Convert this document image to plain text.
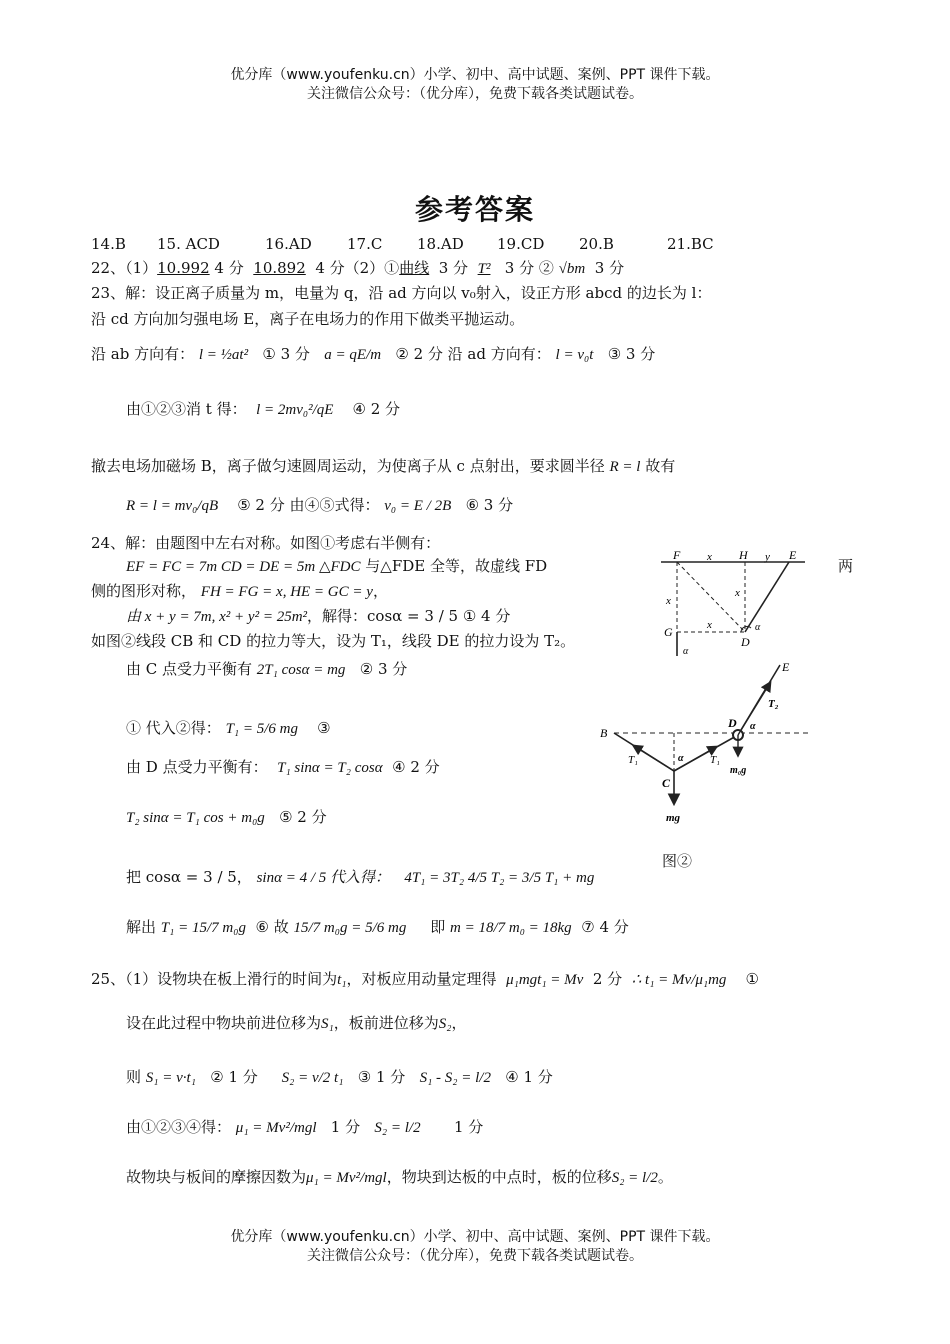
优分库（www.youfenku.cn）小学、初中、高中试题、案例、PPT 课件下载。
关注微信公众号：（优分库），免费下载各类试题试卷。
参考答案
14.B 15. ACD	16.AD 17.C 18.AD 19.CD 20.B	21.BC
22、（1）10.992 4 分 10.892 4 分（2）①曲线 3 分 T² 3 分 ② √bm 3 分
23、解：设正离子质量为 m，电量为 q，沿 ad 方向以 v₀射入，设正方形 abcd 的边长为 l：
沿 cd 方向加匀强电场 E，离子在电场力的作用下做类平抛运动。
沿 ab 方向有： l = ½at² ① 3 分 a = qE/m ② 2 分 沿 ad 方向有： l = v₀t ③ 3 分
由①②③消 t 得： l = 2mv₀²/qE ④ 2 分
撤去电场加磁场 B，离子做匀速圆周运动，为使离子从 c 点射出，要求圆半径 R = l 故有
R = l = mv₀/qB ⑤ 2 分 由④⑤式得： v₀ = E / 2B ⑥ 3 分
24、解：由题图中左右对称。如图①考虑右半侧有：
EF = FC = 7m CD = DE = 5m △FDC 与△FDE 全等，故虚线 FD	两
侧的图形对称， FH = FG = x, HE = GC = y，
由 x + y = 7m, x² + y² = 25m²，解得：cosα = 3 / 5 ① 4 分
如图②线段 CB 和 CD 的拉力等大，设为 T₁，线段 DE 的拉力设为 T₂。
由 C 点受力平衡有 2T₁ cosα = mg ② 3 分
① 代入②得： T₁ = 5/6 mg ③
由 D 点受力平衡有： T₁ sinα = T₂ cosα ④ 2 分
T₂ sinα = T₁ cos + m₀g ⑤ 2 分
把 cosα = 3 / 5， sinα = 4 / 5 代入得： 4T₁ = 3T₂ 4/5 T₂ = 3/5 T₁ + mg
解出 T₁ = 15/7 m₀g ⑥ 故 15/7 m₀g = 5/6 mg 即 m = 18/7 m₀ = 18kg ⑦ 4 分
F x H y E
x
x
G	x
D
α
α
E
T₂
D α
B
T₁	α T₁
m₀g
C
mg
图②
25、（1）设物块在板上滑行的时间为t₁，对板应用动量定理得 μ₁mgt₁ = Mv 2 分 ∴ t₁ = Mv/μ₁mg ①
设在此过程中物块前进位移为S₁，板前进位移为S₂，
则 S₁ = v·t₁ ② 1 分 S₂ = v/2 t₁ ③ 1 分 S₁ - S₂ = l/2 ④ 1 分
由①②③④得： μ₁ = Mv²/mgl 1 分 S₂ = l/2 1 分
故物块与板间的摩擦因数为μ₁ = Mv²/mgl，物块到达板的中点时，板的位移S₂ = l/2。
优分库（www.youfenku.cn）小学、初中、高中试题、案例、PPT 课件下载。
关注微信公众号：（优分库），免费下载各类试题试卷。
